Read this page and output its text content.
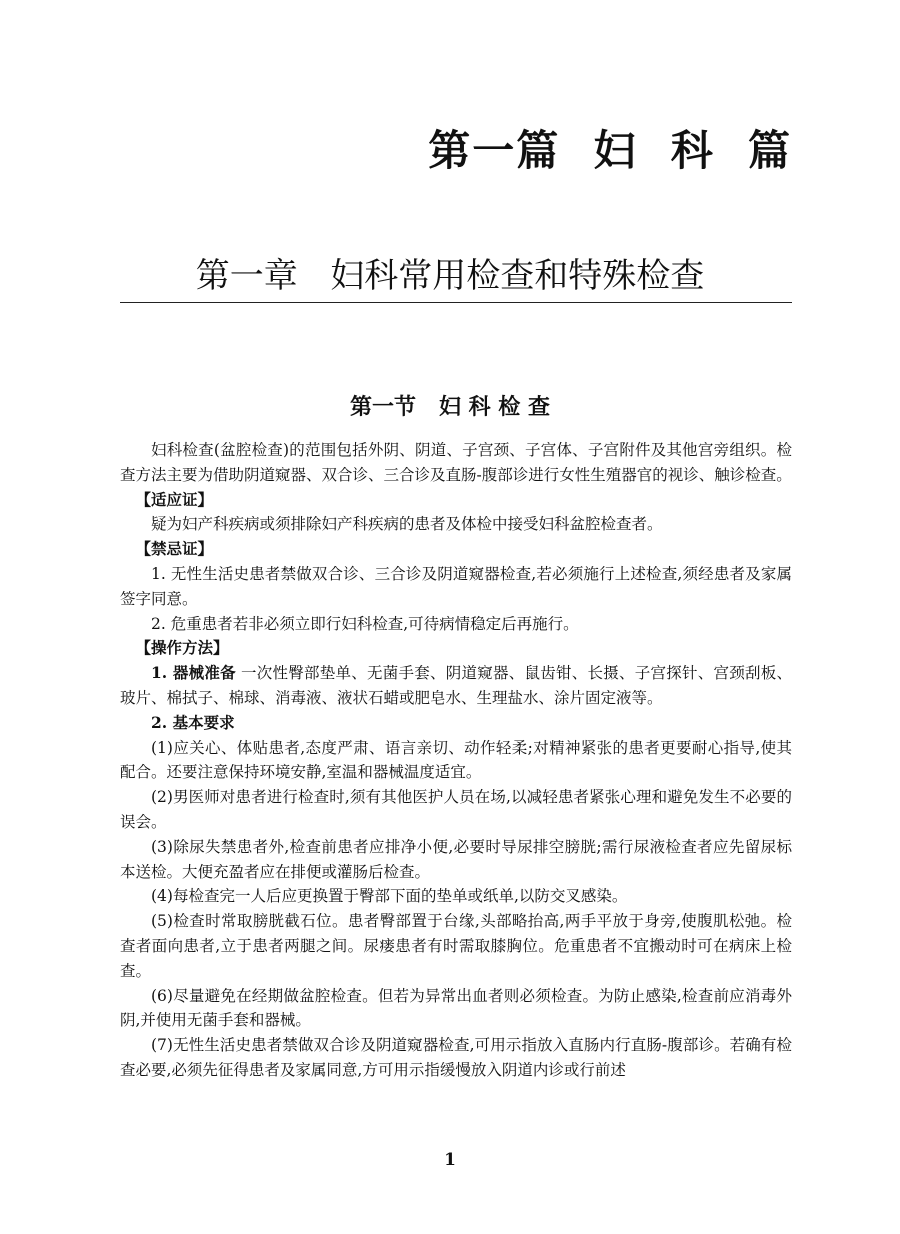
第一篇  妇  科  篇
第一章   妇科常用检查和特殊检查
第一节   妇 科 检 查

妇科检查(盆腔检查)的范围包括外阴、阴道、子宫颈、子宫体、子宫附件及其他宫旁组织。检查方法主要为借助阴道窥器、双合诊、三合诊及直肠-腹部诊进行女性生殖器官的视诊、触诊检查。

【适应证】

疑为妇产科疾病或须排除妇产科疾病的患者及体检中接受妇科盆腔检查者。

【禁忌证】

1. 无性生活史患者禁做双合诊、三合诊及阴道窥器检查,若必须施行上述检查,须经患者及家属签字同意。

2. 危重患者若非必须立即行妇科检查,可待病情稳定后再施行。

【操作方法】

1. 器械准备 一次性臀部垫单、无菌手套、阴道窥器、鼠齿钳、长摄、子宫探针、宫颈刮板、玻片、棉拭子、棉球、消毒液、液状石蜡或肥皂水、生理盐水、涂片固定液等。

2. 基本要求

(1)应关心、体贴患者,态度严肃、语言亲切、动作轻柔;对精神紧张的患者更要耐心指导,使其配合。还要注意保持环境安静,室温和器械温度适宜。

(2)男医师对患者进行检查时,须有其他医护人员在场,以减轻患者紧张心理和避免发生不必要的误会。

(3)除尿失禁患者外,检查前患者应排净小便,必要时导尿排空膀胱;需行尿液检查者应先留尿标本送检。大便充盈者应在排便或灌肠后检查。

(4)每检查完一人后应更换置于臀部下面的垫单或纸单,以防交叉感染。

(5)检查时常取膀胱截石位。患者臀部置于台缘,头部略抬高,两手平放于身旁,使腹肌松弛。检查者面向患者,立于患者两腿之间。尿瘘患者有时需取膝胸位。危重患者不宜搬动时可在病床上检查。

(6)尽量避免在经期做盆腔检查。但若为异常出血者则必须检查。为防止感染,检查前应消毒外阴,并使用无菌手套和器械。

(7)无性生活史患者禁做双合诊及阴道窥器检查,可用示指放入直肠内行直肠-腹部诊。若确有检查必要,必须先征得患者及家属同意,方可用示指缓慢放入阴道内诊或行前述

1
